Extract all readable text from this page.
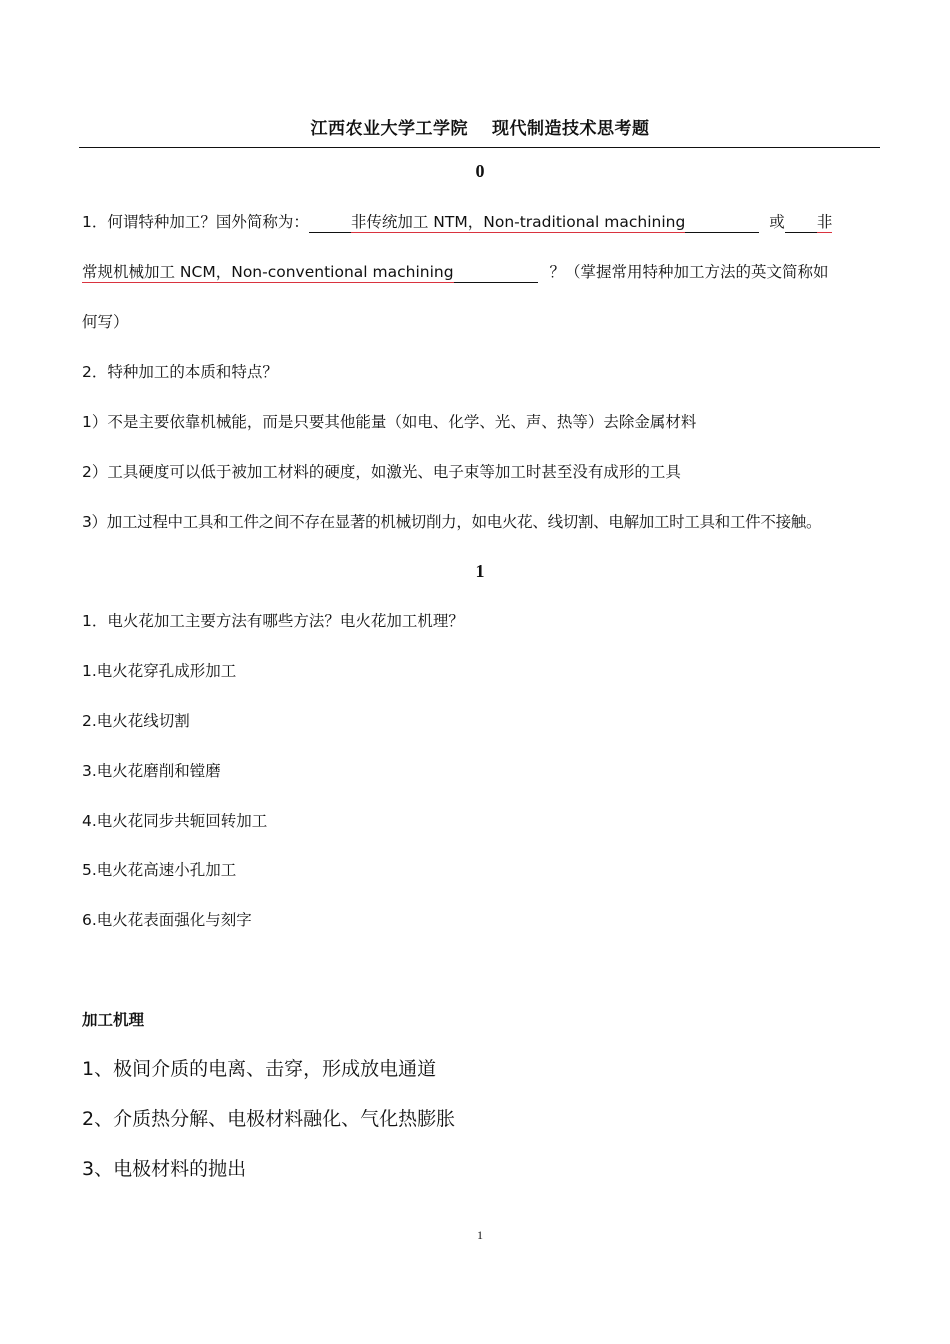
江西农业大学工学院　 现代制造技术思考题
0
1．何谓特种加工？国外简称为：	非传统加工 NTM，Non-traditional machining	或 非
常规机械加工 NCM，Non-conventional machining	？（掌握常用特种加工方法的英文简称如
何写）
2．特种加工的本质和特点？
1）不是主要依靠机械能，而是只要其他能量（如电、化学、光、声、热等）去除金属材料
2）工具硬度可以低于被加工材料的硬度，如激光、电子束等加工时甚至没有成形的工具
3）加工过程中工具和工件之间不存在显著的机械切削力，如电火花、线切割、电解加工时工具和工件不接触。
1
1．电火花加工主要方法有哪些方法？电火花加工机理？
1.电火花穿孔成形加工
2.电火花线切割
3.电火花磨削和镗磨
4.电火花同步共轭回转加工
5.电火花高速小孔加工
6.电火花表面强化与刻字
加工机理
1、极间介质的电离、击穿，形成放电通道
2、介质热分解、电极材料融化、气化热膨胀
3、电极材料的抛出
1
